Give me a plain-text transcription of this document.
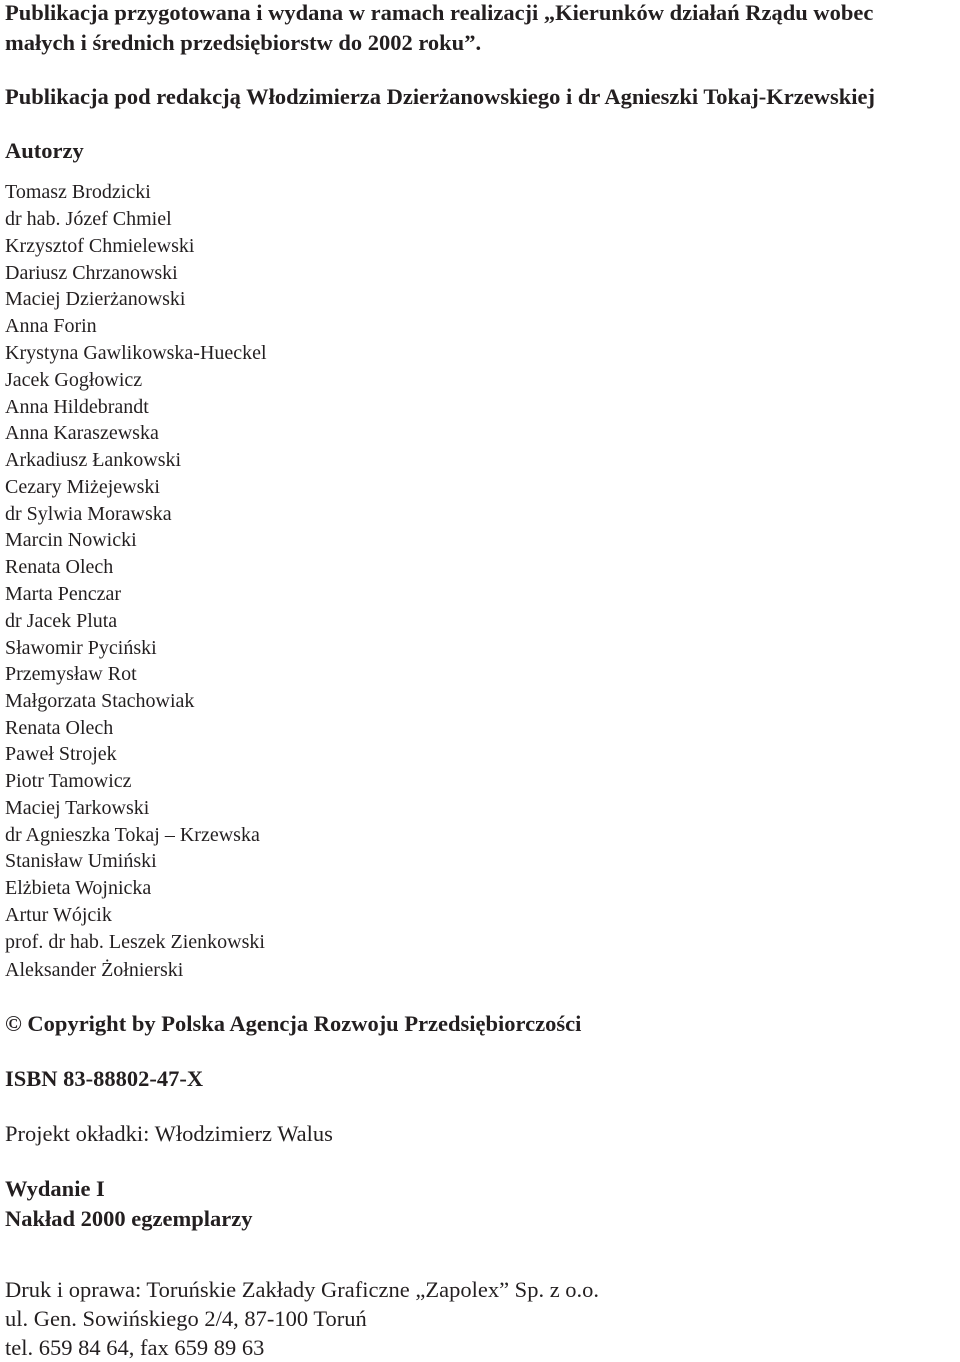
Publikacja przygotowana i wydana w ramach realizacji „Kierunków działań Rządu wobec

małych i średnich przedsiębiorstw do 2002 roku”.

Publikacja pod redakcją Włodzimierza Dzierżanowskiego i dr Agnieszki Tokaj-Krzewskiej

Autorzy

Tomasz Brodzicki

dr hab. Józef Chmiel

Krzysztof Chmielewski

Dariusz Chrzanowski

Maciej Dzierżanowski

Anna Forin

Krystyna Gawlikowska-Hueckel

Jacek Gogłowicz

Anna Hildebrandt

Anna Karaszewska

Arkadiusz Łankowski

Cezary Miżejewski

dr Sylwia Morawska

Marcin Nowicki

Renata Olech

Marta Penczar

dr Jacek Pluta

Sławomir Pyciński

Przemysław Rot

Małgorzata Stachowiak

Renata Olech

Paweł Strojek

Piotr Tamowicz

Maciej Tarkowski

dr Agnieszka Tokaj – Krzewska

Stanisław Umiński

Elżbieta Wojnicka

Artur Wójcik

prof. dr hab. Leszek Zienkowski

Aleksander Żołnierski

© Copyright by Polska Agencja Rozwoju Przedsiębiorczości

ISBN 83-88802-47-X

Projekt okładki: Włodzimierz Walus

Wydanie I

Nakład 2000 egzemplarzy

Druk i oprawa: Toruńskie Zakłady Graficzne „Zapolex” Sp. z o.o.

ul. Gen. Sowińskiego 2/4, 87-100 Toruń

tel. 659 84 64, fax 659 89 63
